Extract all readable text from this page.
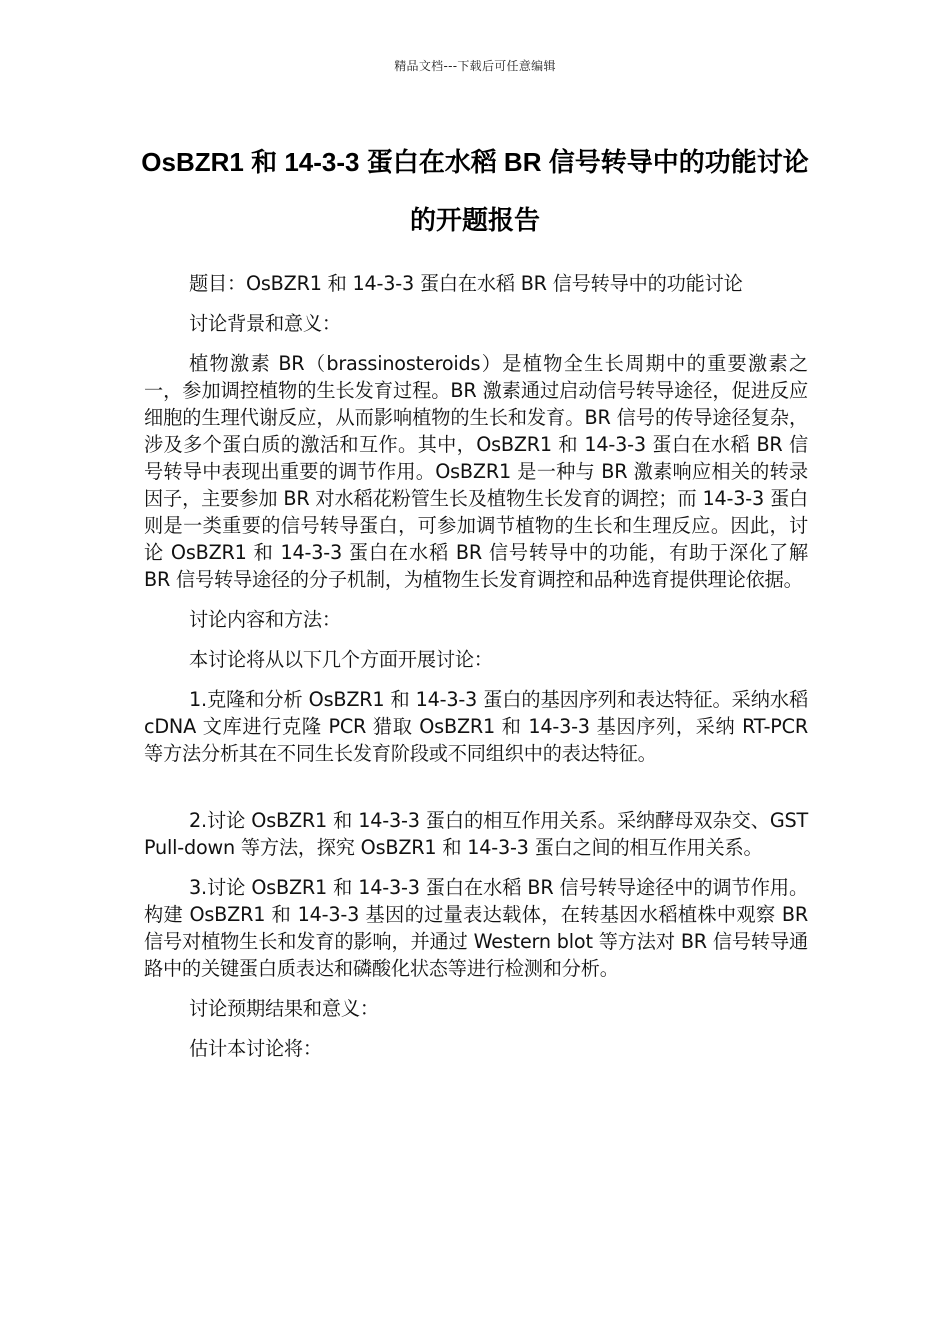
精品文档---下载后可任意编辑
OsBZR1 和 14-3-3 蛋白在水稻 BR 信号转导中的功能讨论的开题报告

题目：OsBZR1 和 14-3-3 蛋白在水稻 BR 信号转导中的功能讨论

讨论背景和意义：

植物激素 BR（brassinosteroids）是植物全生长周期中的重要激素之一，参加调控植物的生长发育过程。BR 激素通过启动信号转导途径，促进反应细胞的生理代谢反应，从而影响植物的生长和发育。BR 信号的传导途径复杂，涉及多个蛋白质的激活和互作。其中，OsBZR1 和 14-3-3 蛋白在水稻 BR 信号转导中表现出重要的调节作用。OsBZR1 是一种与 BR 激素响应相关的转录因子，主要参加 BR 对水稻花粉管生长及植物生长发育的调控；而 14-3-3 蛋白则是一类重要的信号转导蛋白，可参加调节植物的生长和生理反应。因此，讨论 OsBZR1 和 14-3-3 蛋白在水稻 BR 信号转导中的功能，有助于深化了解 BR 信号转导途径的分子机制，为植物生长发育调控和品种选育提供理论依据。

讨论内容和方法：

本讨论将从以下几个方面开展讨论：

1.克隆和分析 OsBZR1 和 14-3-3 蛋白的基因序列和表达特征。采纳水稻 cDNA 文库进行克隆 PCR 猎取 OsBZR1 和 14-3-3 基因序列，采纳 RT-PCR 等方法分析其在不同生长发育阶段或不同组织中的表达特征。

2.讨论 OsBZR1 和 14-3-3 蛋白的相互作用关系。采纳酵母双杂交、GST Pull-down 等方法，探究 OsBZR1 和 14-3-3 蛋白之间的相互作用关系。

3.讨论 OsBZR1 和 14-3-3 蛋白在水稻 BR 信号转导途径中的调节作用。构建 OsBZR1 和 14-3-3 基因的过量表达载体，在转基因水稻植株中观察 BR 信号对植物生长和发育的影响，并通过 Western blot 等方法对 BR 信号转导通路中的关键蛋白质表达和磷酸化状态等进行检测和分析。

讨论预期结果和意义：

估计本讨论将：
